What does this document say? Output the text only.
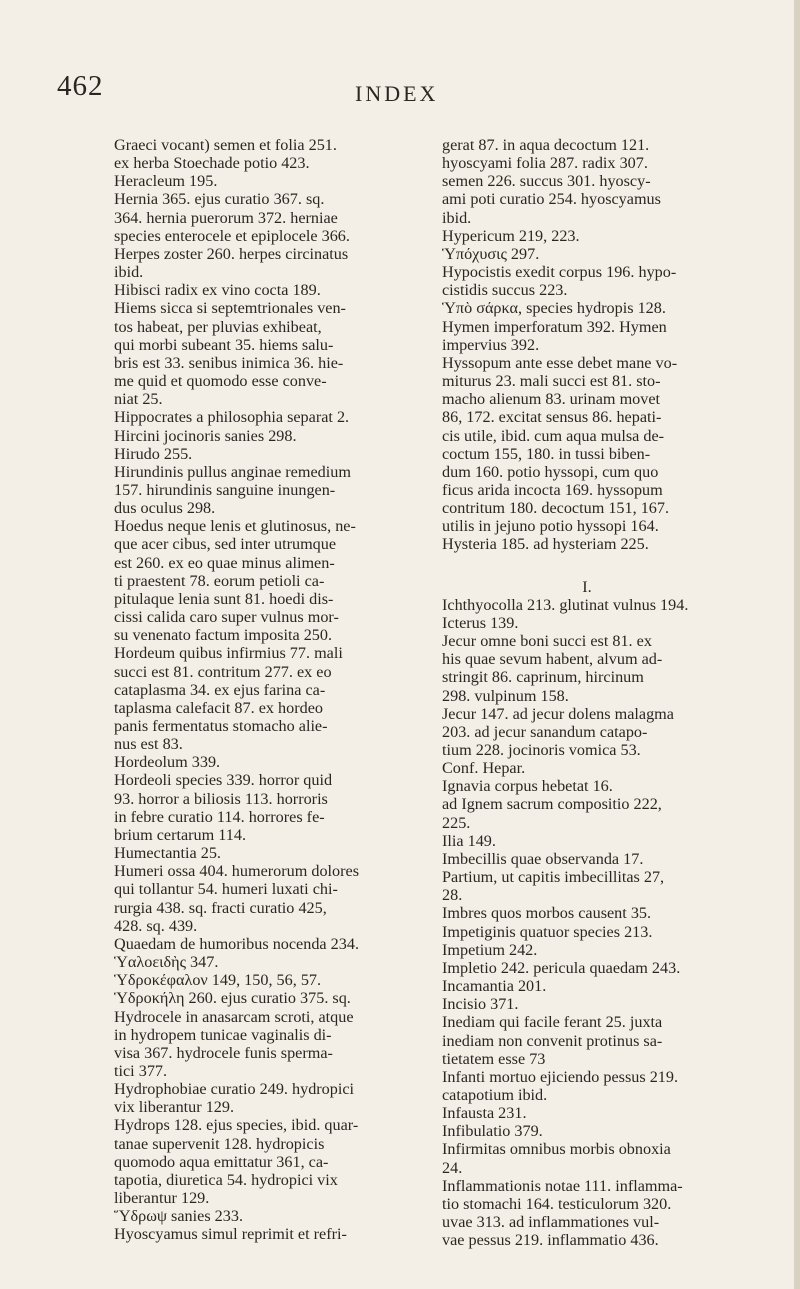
462	INDEX

Graeci vocant) semen et folia 251.

ex herba Stoechade potio 423.

Heracleum 195.

Hernia 365. ejus curatio 367. sq.

364. hernia puerorum 372. herniae

species enterocele et epiplocele 366.

Herpes zoster 260. herpes circinatus

ibid.

Hibisci radix ex vino cocta 189.

Hiems sicca si septemtrionales ven-

tos habeat, per pluvias exhibeat,

qui morbi subeant 35. hiems salu-

bris est 33. senibus inimica 36. hie-

me quid et quomodo esse conve-

niat 25.

Hippocrates a philosophia separat 2.

Hircini jocinoris sanies 298.

Hirudo 255.

Hirundinis pullus anginae remedium

157. hirundinis sanguine inungen-

dus oculus 298.

Hoedus neque lenis et glutinosus, ne-

que acer cibus, sed inter utrumque

est 260. ex eo quae minus alimen-

ti praestent 78. eorum petioli ca-

pitulaque lenia sunt 81. hoedi dis-

cissi calida caro super vulnus mor-

su venenato factum imposita 250.

Hordeum quibus infirmius 77. mali

succi est 81. contritum 277. ex eo

cataplasma 34. ex ejus farina ca-

taplasma calefacit 87. ex hordeo

panis fermentatus stomacho alie-

nus est 83.

Hordeolum 339.

Hordeoli species 339. horror quid

93. horror a biliosis 113. horroris

in febre curatio 114. horrores fe-

brium certarum 114.

Humectantia 25.

Humeri ossa 404. humerorum dolores

qui tollantur 54. humeri luxati chi-

rurgia 438. sq. fracti curatio 425,

428. sq. 439.

Quaedam de humoribus nocenda 234.

Ὑαλοειδὴς 347.

Ὑδροκέφαλον 149, 150, 56, 57.

Ὑδροκήλη 260. ejus curatio 375. sq.

Hydrocele in anasarcam scroti, atque

in hydropem tunicae vaginalis di-

visa 367. hydrocele funis sperma-

tici 377.

Hydrophobiae curatio 249. hydropici

vix liberantur 129.

Hydrops 128. ejus species, ibid. quar-

tanae supervenit 128. hydropicis

quomodo aqua emittatur 361, ca-

tapotia, diuretica 54. hydropici vix

liberantur 129.

Ὕδρωψ sanies 233.

Hyoscyamus simul reprimit et refri-

gerat 87. in aqua decoctum 121.

hyoscyami folia 287. radix 307.

semen 226. succus 301. hyoscy-

ami poti curatio 254. hyoscyamus

ibid.

Hypericum 219, 223.

Ὑπόχυσις 297.

Hypocistis exedit corpus 196. hypo-

cistidis succus 223.

Ὑπὸ σάρκα, species hydropis 128.

Hymen imperforatum 392. Hymen

impervius 392.

Hyssopum ante esse debet mane vo-

miturus 23. mali succi est 81. sto-

macho alienum 83. urinam movet

86, 172. excitat sensus 86. hepati-

cis utile, ibid. cum aqua mulsa de-

coctum 155, 180. in tussi biben-

dum 160. potio hyssopi, cum quo

ficus arida incocta 169. hyssopum

contritum 180. decoctum 151, 167.

utilis in jejuno potio hyssopi 164.

Hysteria 185. ad hysteriam 225.

I.

Ichthyocolla 213. glutinat vulnus 194.

Icterus 139.

Jecur omne boni succi est 81. ex

his quae sevum habent, alvum ad-

stringit 86. caprinum, hircinum

298. vulpinum 158.

Jecur 147. ad jecur dolens malagma

203. ad jecur sanandum catapo-

tium 228. jocinoris vomica 53.

Conf. Hepar.

Ignavia corpus hebetat 16.

ad Ignem sacrum compositio 222,

225.

Ilia 149.

Imbecillis quae observanda 17.

Partium, ut capitis imbecillitas 27,

28.

Imbres quos morbos causent 35.

Impetiginis quatuor species 213.

Impetium 242.

Impletio 242. pericula quaedam 243.

Incamantia 201.

Incisio 371.

Inediam qui facile ferant 25. juxta

inediam non convenit protinus sa-

tietatem esse 73

Infanti mortuo ejiciendo pessus 219.

catapotium ibid.

Infausta 231.

Infibulatio 379.

Infirmitas omnibus morbis obnoxia

24.

Inflammationis notae 111. inflamma-

tio stomachi 164. testiculorum 320.

uvae 313. ad inflammationes vul-

vae pessus 219. inflammatio 436.
